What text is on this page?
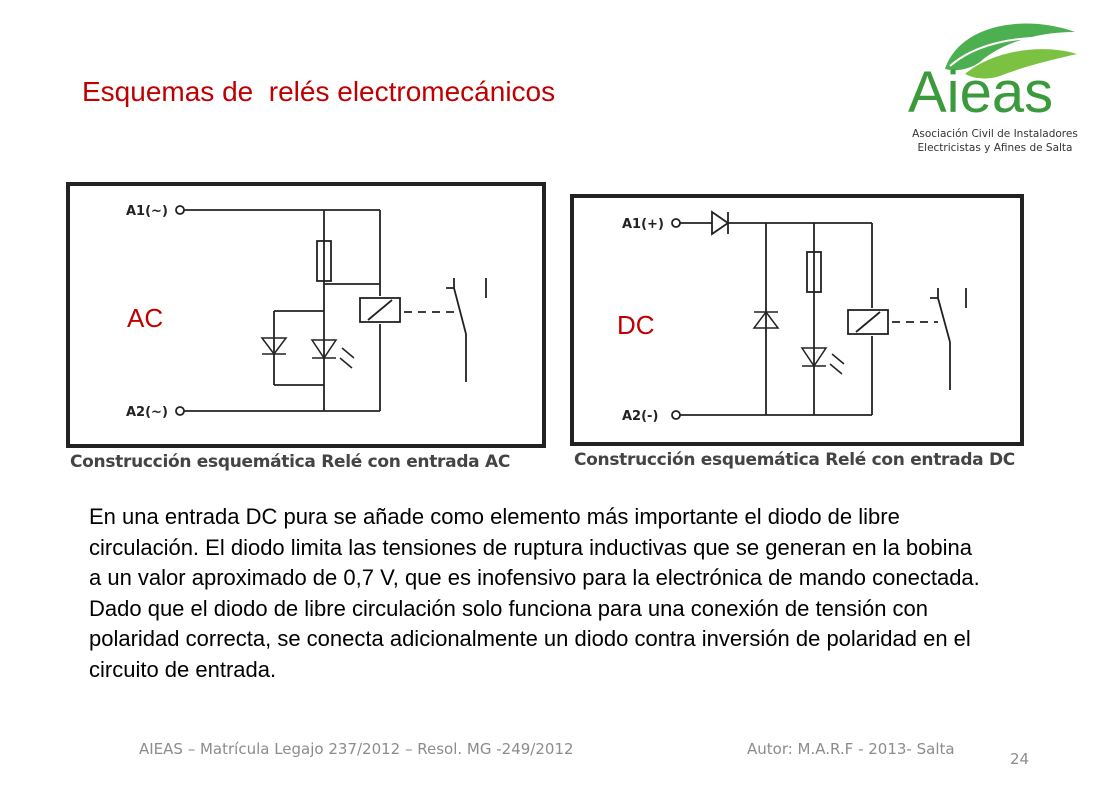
Esquemas de  relés electromecánicos	Aieas
Asociación Civil de Instaladores
Electricistas y Afines de Salta
A1(~)
A2(~)
AC
Construcción esquemática Relé con entrada AC
A1(+)
A2(-)
DC
Construcción esquemática Relé con entrada DC

En una entrada DC pura se añade como elemento más importante el diodo de libre circulación. El diodo limita las tensiones de ruptura inductivas que se generan en la bobina a un valor aproximado de 0,7 V, que es inofensivo para la electrónica de mando conectada.

Dado que el diodo de libre circulación solo funciona para una conexión de tensión con polaridad correcta, se conecta adicionalmente un diodo contra inversión de polaridad en el circuito de entrada.

AIEAS – Matrícula Legajo 237/2012 – Resol. MG -249/2012	Autor: M.A.R.F - 2013- Salta
24
